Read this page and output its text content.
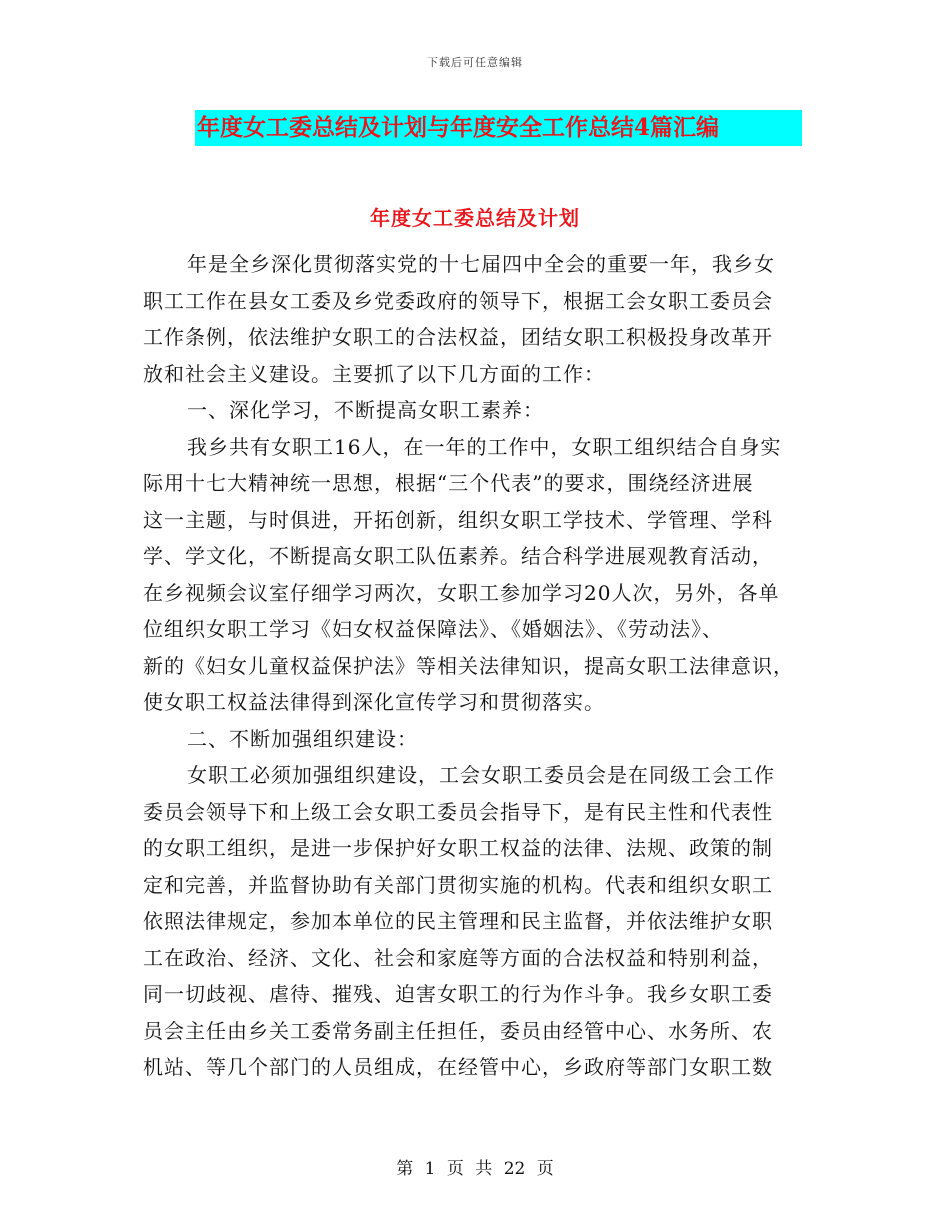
下载后可任意编辑
年度女工委总结及计划与年度安全工作总结4篇汇编
年度女工委总结及计划
年是全乡深化贯彻落实党的十七届四中全会的重要一年，我乡女
职工工作在县女工委及乡党委政府的领导下，根据工会女职工委员会
工作条例，依法维护女职工的合法权益，团结女职工积极投身改革开
放和社会主义建设。主要抓了以下几方面的工作：
一、深化学习，不断提高女职工素养：
我乡共有女职工16人，在一年的工作中，女职工组织结合自身实
际用十七大精神统一思想，根据“三个代表”的要求，围绕经济进展
这一主题，与时俱进，开拓创新，组织女职工学技术、学管理、学科
学、学文化，不断提高女职工队伍素养。结合科学进展观教育活动，
在乡视频会议室仔细学习两次，女职工参加学习20人次，另外，各单
位组织女职工学习《妇女权益保障法》、《婚姻法》、《劳动法》、
新的《妇女儿童权益保护法》等相关法律知识，提高女职工法律意识，
使女职工权益法律得到深化宣传学习和贯彻落实。
二、不断加强组织建设：
女职工必须加强组织建设，工会女职工委员会是在同级工会工作
委员会领导下和上级工会女职工委员会指导下，是有民主性和代表性
的女职工组织，是进一步保护好女职工权益的法律、法规、政策的制
定和完善，并监督协助有关部门贯彻实施的机构。代表和组织女职工
依照法律规定，参加本单位的民主管理和民主监督，并依法维护女职
工在政治、经济、文化、社会和家庭等方面的合法权益和特别利益，
同一切歧视、虐待、摧残、迫害女职工的行为作斗争。我乡女职工委
员会主任由乡关工委常务副主任担任，委员由经管中心、水务所、农
机站、等几个部门的人员组成，在经管中心，乡政府等部门女职工数
第 1 页 共 22 页
